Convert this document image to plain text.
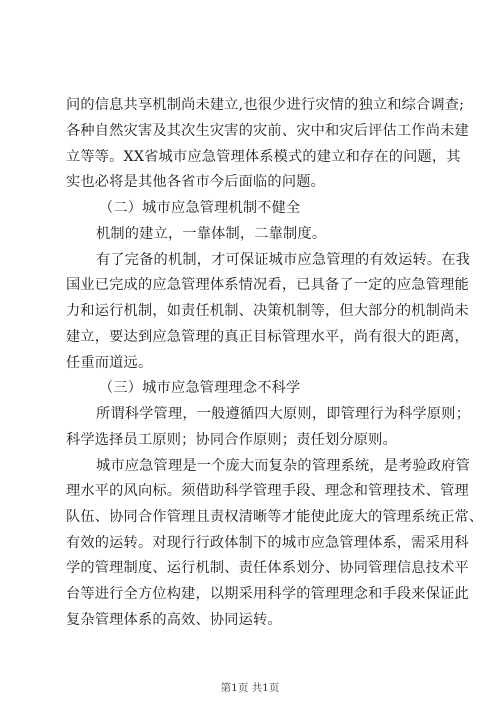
问的信息共享机制尚未建立,也很少进行灾情的独立和综合调查;
各种自然灾害及其次生灾害的灾前、灾中和灾后评估工作尚未建
立等等。XX省城市应急管理体系模式的建立和存在的问题，其
实也必将是其他各省市今后面临的问题。
（二）城市应急管理机制不健全
机制的建立，一靠体制，二靠制度。
有了完备的机制，才可保证城市应急管理的有效运转。在我
国业已完成的应急管理体系情况看，已具备了一定的应急管理能
力和运行机制，如责任机制、决策机制等，但大部分的机制尚未
建立，要达到应急管理的真正目标管理水平，尚有很大的距离，
任重而道远。
（三）城市应急管理理念不科学
所谓科学管理，一般遵循四大原则，即管理行为科学原则；
科学选择员工原则；协同合作原则；责任划分原则。
城市应急管理是一个庞大而复杂的管理系统，是考验政府管
理水平的风向标。须借助科学管理手段、理念和管理技术、管理
队伍、协同合作管理且责权清晰等才能使此庞大的管理系统正常、
有效的运转。对现行行政体制下的城市应急管理体系，需采用科
学的管理制度、运行机制、责任体系划分、协同管理信息技术平
台等进行全方位构建，以期采用科学的管理理念和手段来保证此
复杂管理体系的高效、协同运转。
第1页 共1页
